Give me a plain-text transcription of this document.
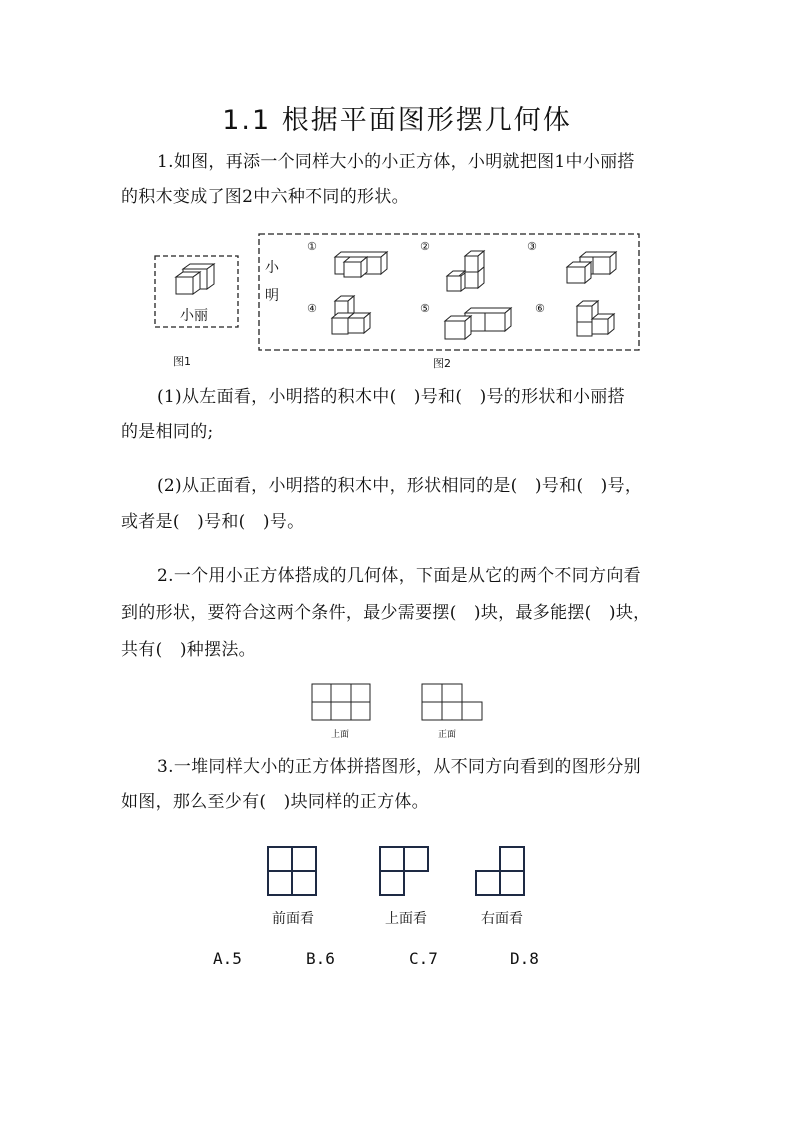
1.1 根据平面图形摆几何体
1.如图，再添一个同样大小的小正方体，小明就把图1中小丽搭
的积木变成了图2中六种不同的形状。
小丽
图1
小
明
①	②	③
④	⑤	⑥
图2
(1)从左面看，小明搭的积木中(　)号和(　)号的形状和小丽搭
的是相同的;
(2)从正面看，小明搭的积木中，形状相同的是(　)号和(　)号，
或者是(　)号和(　)号。
2.一个用小正方体搭成的几何体，下面是从它的两个不同方向看
到的形状，要符合这两个条件，最少需要摆(　)块，最多能摆(　)块，
共有(　)种摆法。
上面	正面
3.一堆同样大小的正方体拼搭图形，从不同方向看到的图形分别
如图，那么至少有(　)块同样的正方体。
前面看	上面看	右面看
A.5	B.6	C.7	D.8
